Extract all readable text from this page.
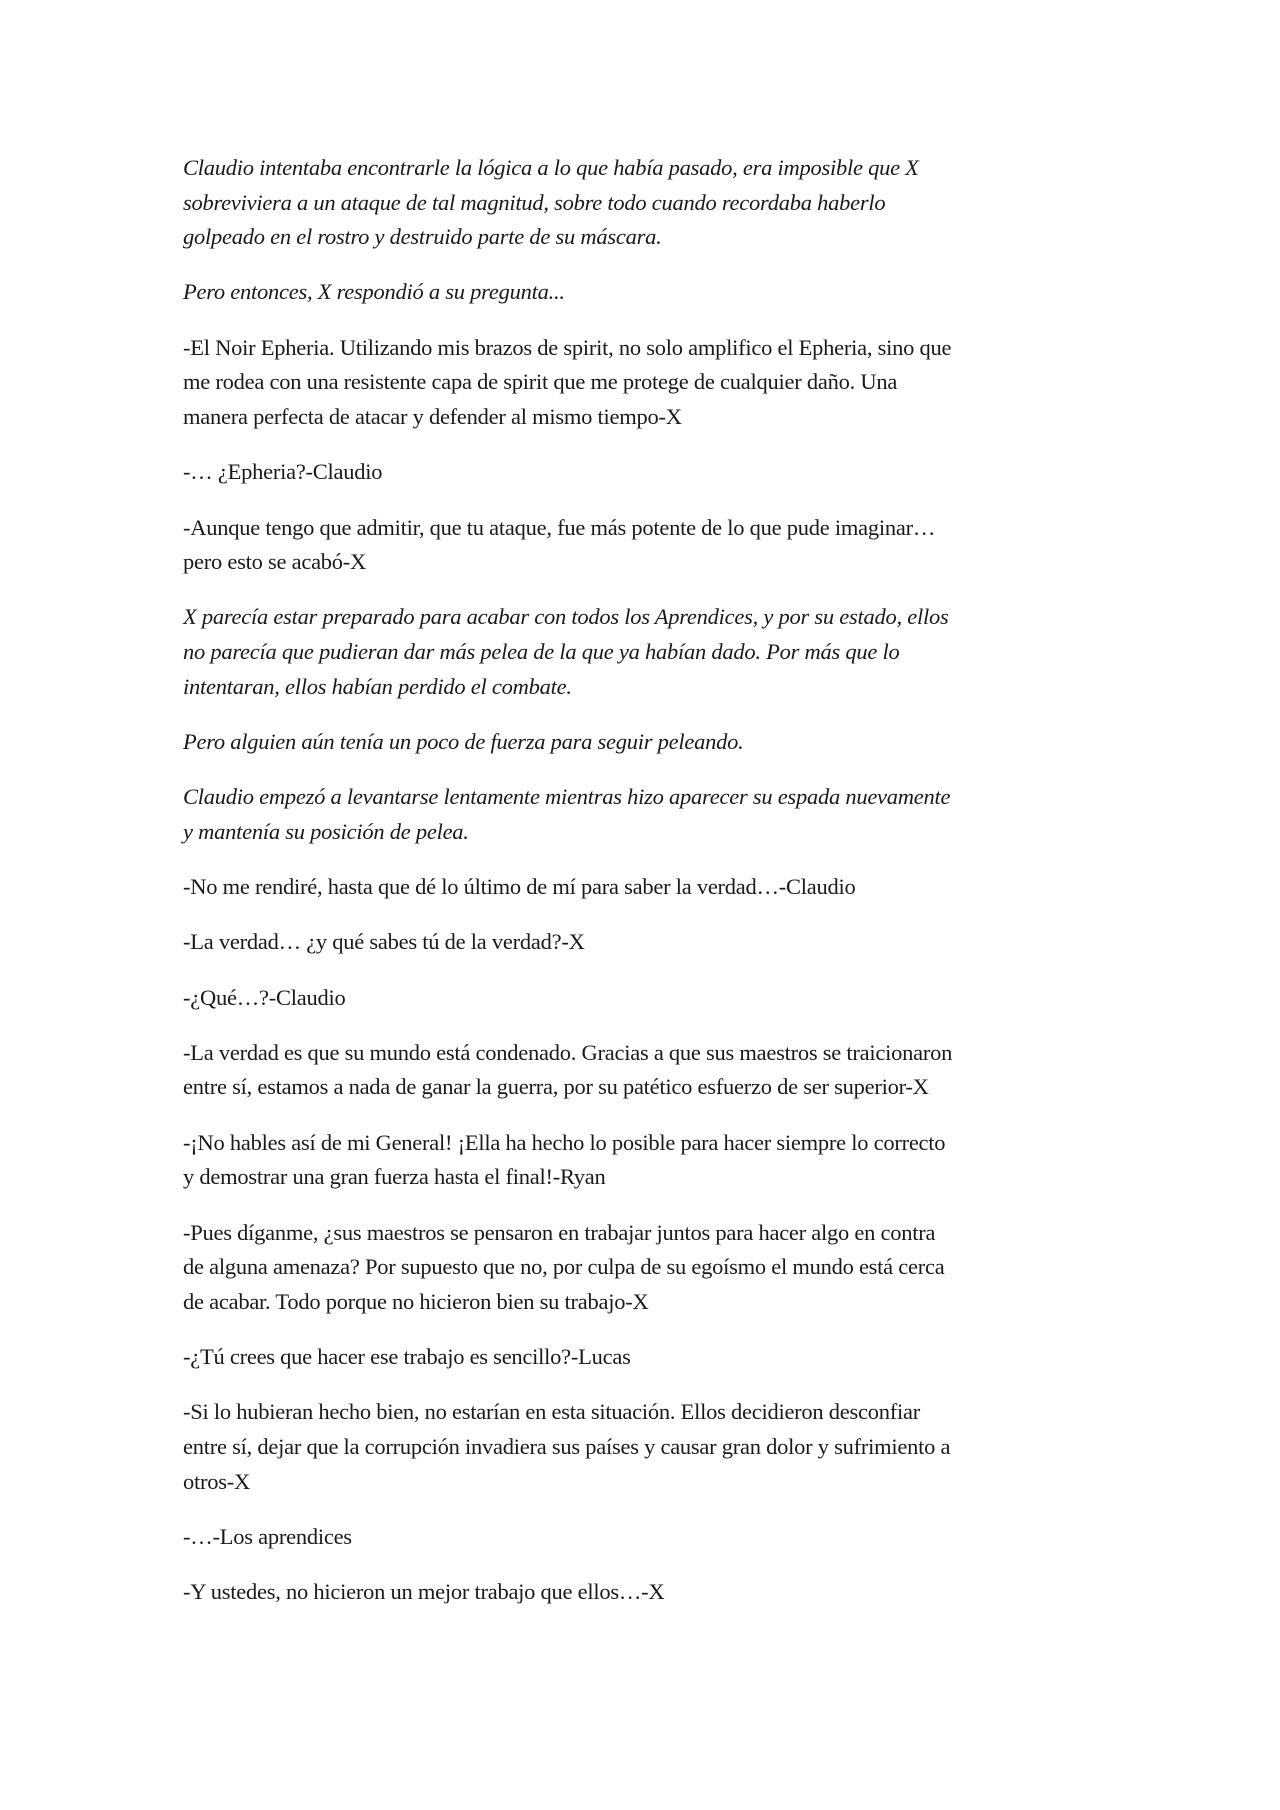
Claudio intentaba encontrarle la lógica a lo que había pasado, era imposible que X
sobreviviera a un ataque de tal magnitud, sobre todo cuando recordaba haberlo
golpeado en el rostro y destruido parte de su máscara.
Pero entonces, X respondió a su pregunta...
-El Noir Epheria. Utilizando mis brazos de spirit, no solo amplifico el Epheria, sino que
me rodea con una resistente capa de spirit que me protege de cualquier daño. Una
manera perfecta de atacar y defender al mismo tiempo-X
-… ¿Epheria?-Claudio
-Aunque tengo que admitir, que tu ataque, fue más potente de lo que pude imaginar…
pero esto se acabó-X
X parecía estar preparado para acabar con todos los Aprendices, y por su estado, ellos
no parecía que pudieran dar más pelea de la que ya habían dado. Por más que lo
intentaran, ellos habían perdido el combate.
Pero alguien aún tenía un poco de fuerza para seguir peleando.
Claudio empezó a levantarse lentamente mientras hizo aparecer su espada nuevamente
y mantenía su posición de pelea.
-No me rendiré, hasta que dé lo último de mí para saber la verdad…-Claudio
-La verdad… ¿y qué sabes tú de la verdad?-X
-¿Qué…?-Claudio
-La verdad es que su mundo está condenado. Gracias a que sus maestros se traicionaron
entre sí, estamos a nada de ganar la guerra, por su patético esfuerzo de ser superior-X
-¡No hables así de mi General! ¡Ella ha hecho lo posible para hacer siempre lo correcto
y demostrar una gran fuerza hasta el final!-Ryan
-Pues díganme, ¿sus maestros se pensaron en trabajar juntos para hacer algo en contra
de alguna amenaza? Por supuesto que no, por culpa de su egoísmo el mundo está cerca
de acabar. Todo porque no hicieron bien su trabajo-X
-¿Tú crees que hacer ese trabajo es sencillo?-Lucas
-Si lo hubieran hecho bien, no estarían en esta situación. Ellos decidieron desconfiar
entre sí, dejar que la corrupción invadiera sus países y causar gran dolor y sufrimiento a
otros-X
-…-Los aprendices
-Y ustedes, no hicieron un mejor trabajo que ellos…-X
